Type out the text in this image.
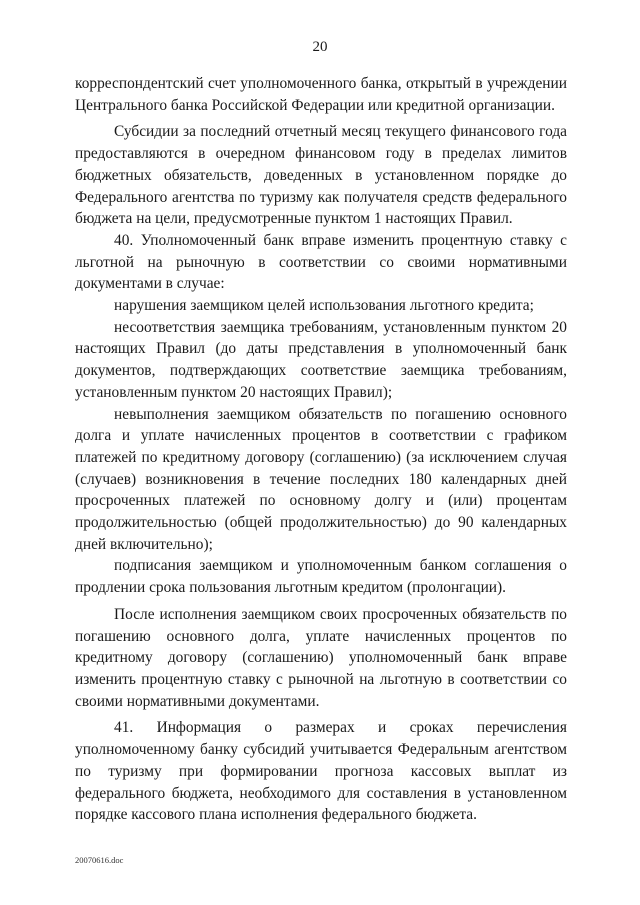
20

корреспондентский счет уполномоченного банка, открытый в учреждении Центрального банка Российской Федерации или кредитной организации.

Субсидии за последний отчетный месяц текущего финансового года предоставляются в очередном финансовом году в пределах лимитов бюджетных обязательств, доведенных в установленном порядке до Федерального агентства по туризму как получателя средств федерального бюджета на цели, предусмотренные пунктом 1 настоящих Правил.

40. Уполномоченный банк вправе изменить процентную ставку с льготной на рыночную в соответствии со своими нормативными документами в случае:

нарушения заемщиком целей использования льготного кредита;

несоответствия заемщика требованиям, установленным пунктом 20 настоящих Правил (до даты представления в уполномоченный банк документов, подтверждающих соответствие заемщика требованиям, установленным пунктом 20 настоящих Правил);

невыполнения заемщиком обязательств по погашению основного долга и уплате начисленных процентов в соответствии с графиком платежей по кредитному договору (соглашению) (за исключением случая (случаев) возникновения в течение последних 180 календарных дней просроченных платежей по основному долгу и (или) процентам продолжительностью (общей продолжительностью) до 90 календарных дней включительно);

подписания заемщиком и уполномоченным банком соглашения о продлении срока пользования льготным кредитом (пролонгации).

После исполнения заемщиком своих просроченных обязательств по погашению основного долга, уплате начисленных процентов по кредитному договору (соглашению) уполномоченный банк вправе изменить процентную ставку с рыночной на льготную в соответствии со своими нормативными документами.

41. Информация о размерах и сроках перечисления уполномоченному банку субсидий учитывается Федеральным агентством по туризму при формировании прогноза кассовых выплат из федерального бюджета, необходимого для составления в установленном порядке кассового плана исполнения федерального бюджета.

20070616.doc
